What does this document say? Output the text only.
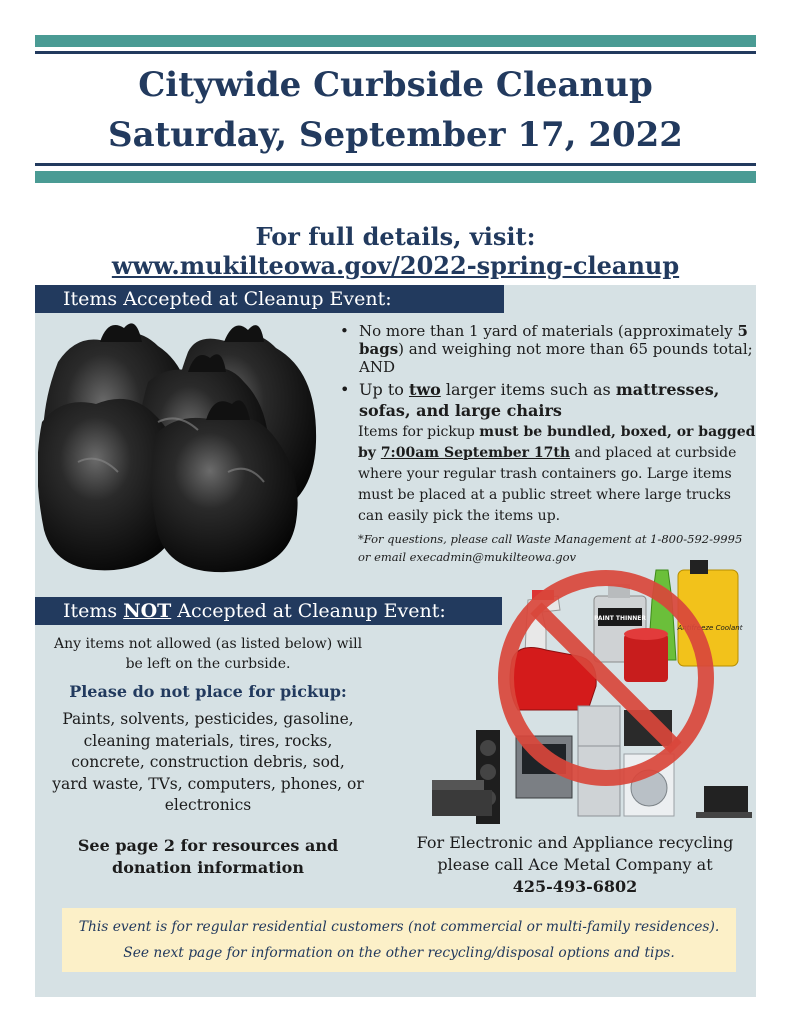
Citywide Curbside Cleanup
Saturday, September 17, 2022
For full details, visit:
www.mukilteowa.gov/2022-spring-cleanup
Items Accepted at Cleanup Event:
• No more than 1 yard of materials (approximately 5 bags) and weighing not more than 65 pounds total; AND
• Up to two larger items such as mattresses, sofas, and large chairs
Items for pickup must be bundled, boxed, or bagged by 7:00am September 17th and placed at curbside where your regular trash containers go. Large items must be placed at a public street where large trucks can easily pick the items up.
*For questions, please call Waste Management at 1-800-592-9995 or email execadmin@mukilteowa.gov
Items NOT Accepted at Cleanup Event:
Any items not allowed (as listed below) will be left on the curbside.
Please do not place for pickup:
Paints, solvents, pesticides, gasoline, cleaning materials, tires, rocks, concrete, construction debris, sod, yard waste, TVs, computers, phones, or electronics
See page 2 for resources and donation information
PAINT THINNER
Antifreeze Coolant
For Electronic and Appliance recycling please call Ace Metal Company at
425-493-6802
This event is for regular residential customers (not commercial or multi-family residences).
See next page for information on the other recycling/disposal options and tips.
